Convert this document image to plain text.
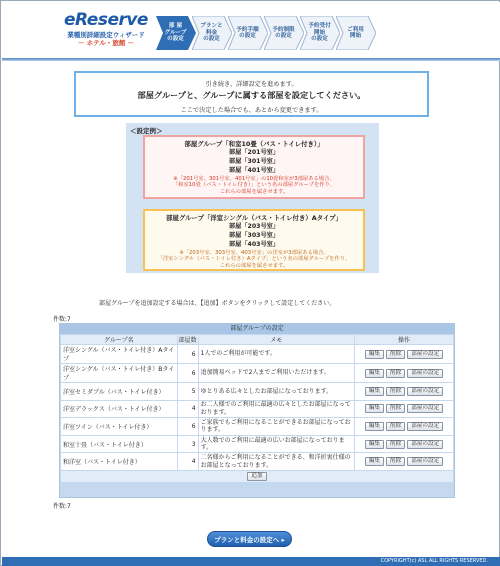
eReserve
業種別詳細設定ウィザード
－ ホテル・旅館 －
部 屋
グループ
の設定
プランと
料金
の設定
予約手順
の設定
予約制限
の設定
予約受付
開始
の設定
ご利用
開始
引き続き、詳細設定を進めます。
部屋グループと、グループに属する部屋を設定してください。
ここで決定した場合でも、あとから変更できます。
＜設定例＞
部屋グループ「和室10畳（バス・トイレ付き）」
部屋「201号室」
部屋「301号室」
部屋「401号室」
※「201号室、301号室、401号室」の10畳和室が3部屋ある場合、
「和室10畳（バス・トイレ付き）」という名の部屋グループを作り、
これらの部屋を属させます。
部屋グループ「洋室シングル（バス・トイレ付き）Aタイプ」
部屋「203号室」
部屋「303号室」
部屋「403号室」
※「203号室、303号室、403号室」の洋室が3部屋ある場合、
「洋室シングル（バス・トイレ付き）Aタイプ」という名の部屋グループを作り、
これらの部屋を属させます。
部屋グループを追加設定する場合は、【追加】ボタンをクリックして設定してください。
件数:7
部屋グループの設定
グループ名	部屋数	メモ	操作
洋室シングル（バス・トイレ付き）Aタイプ	6	1人でのご利用が可能です。	編集 削除 部屋の設定
洋室シングル（バス・トイレ付き）Bタイプ	6	追加簡易ベッドで2人までご利用いただけます。	編集 削除 部屋の設定
洋室セミダブル（バス・トイレ付き）	5	ゆとりある広々としたお部屋になっております。	編集 削除 部屋の設定
洋室デラックス（バス・トイレ付き）	4	お二人様でのご利用に最適の広々としたお部屋になっております。	編集 削除 部屋の設定
洋室ツイン（バス・トイレ付き）	6	ご家族でもご利用になることができるお部屋になっております。	編集 削除 部屋の設定
和室十畳（バス・トイレ付き）	3	大人数でのご利用に最適の広いお部屋になっております。	編集 削除 部屋の設定
和洋室（バス・トイレ付き）	4	二名様からご利用になることができる、和洋折衷仕様のお部屋となっております。	編集 削除 部屋の設定
追加			
件数:7
プランと料金の設定へ ▸
COPYRIGHT(c) ASL ALL RIGHTS RESERVED.
